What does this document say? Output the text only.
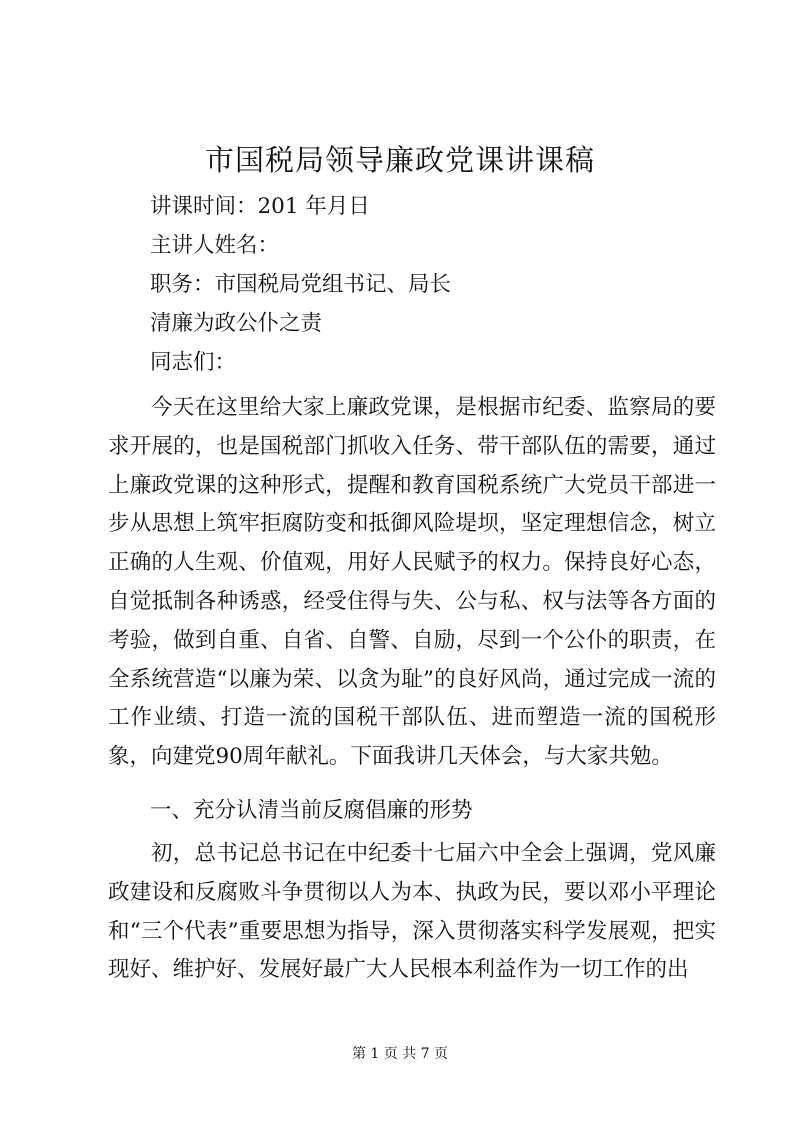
市国税局领导廉政党课讲课稿
讲课时间：201 年月日
主讲人姓名：
职务：市国税局党组书记、局长
清廉为政公仆之责
同志们：

今天在这里给大家上廉政党课，是根据市纪委、监察局的要求开展的，也是国税部门抓收入任务、带干部队伍的需要，通过上廉政党课的这种形式，提醒和教育国税系统广大党员干部进一步从思想上筑牢拒腐防变和抵御风险堤坝，坚定理想信念，树立正确的人生观、价值观，用好人民赋予的权力。保持良好心态，自觉抵制各种诱惑，经受住得与失、公与私、权与法等各方面的考验，做到自重、自省、自警、自励，尽到一个公仆的职责，在全系统营造“以廉为荣、以贪为耻”的良好风尚，通过完成一流的工作业绩、打造一流的国税干部队伍、进而塑造一流的国税形象，向建党90周年献礼。下面我讲几天体会，与大家共勉。

一、充分认清当前反腐倡廉的形势

初，总书记总书记在中纪委十七届六中全会上强调，党风廉政建设和反腐败斗争贯彻以人为本、执政为民，要以邓小平理论和“三个代表”重要思想为指导，深入贯彻落实科学发展观，把实现好、维护好、发展好最广大人民根本利益作为一切工作的出

第 1 页 共 7 页
